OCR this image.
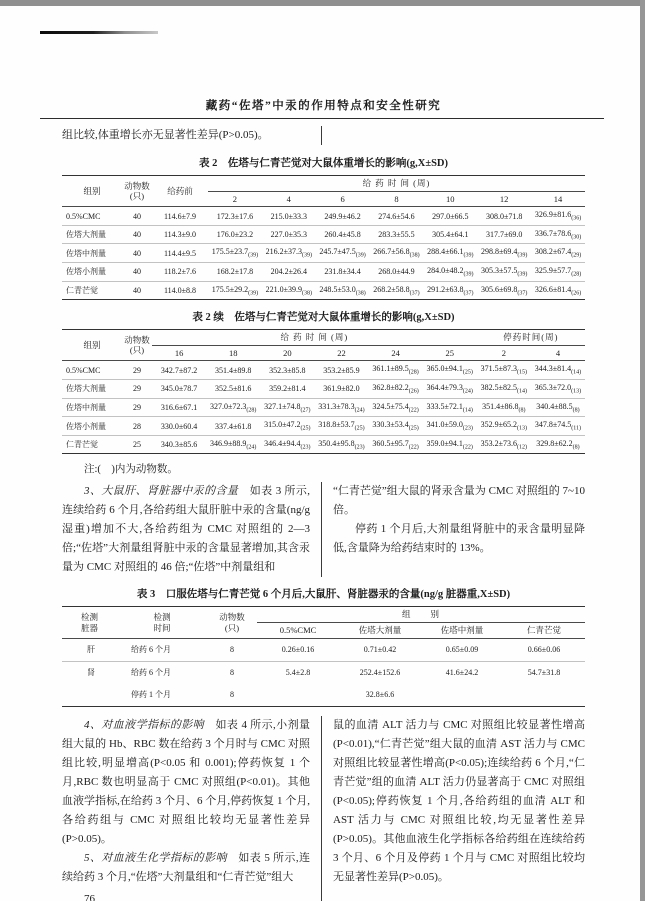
藏药“佐塔”中汞的作用特点和安全性研究

组比较,体重增长亦无显著性差异(P>0.05)。

表 2　佐塔与仁青芒觉对大鼠体重增长的影响(g,X±SD)
组别	动物数
(只)	给药前	给 药 时 间 (周)						
			2	4	6	8	10	12	14
0.5%CMC	40	114.6±7.9	172.3±17.6	215.0±33.3	249.9±46.2	274.6±54.6	297.0±66.5	308.0±71.8	$326.9\pm 81.6_{(36)}$
佐塔大剂量	40	114.3±9.0	176.0±23.2	227.0±35.3	260.4±45.8	283.3±55.5	305.4±64.1	317.7±69.0	$336.7\pm 78.6_{(30)}$
佐塔中剂量	40	114.4±9.5	$175.5\pm 23.7_{(39)}$	$216.2\pm 37.3_{(39)}$	$245.7\pm 47.5_{(39)}$	$266.7\pm 56.8_{(38)}$	$288.4\pm 66.1_{(39)}$	$298.8\pm 69.4_{(39)}$	$308.2\pm 67.4_{(29)}$
佐塔小剂量	40	118.2±7.6	168.2±17.8	204.2±26.4	231.8±34.4	268.0±44.9	$284.0\pm 48.2_{(39)}$	$305.3\pm 57.5_{(39)}$	$325.9\pm 57.7_{(28)}$
仁青芒觉	40	114.0±8.8	$175.5\pm 29.2_{(39)}$	$221.0\pm 39.9_{(38)}$	$248.5\pm 53.0_{(38)}$	$268.2\pm 58.8_{(37)}$	$291.2\pm 63.8_{(37)}$	$305.6\pm 69.8_{(37)}$	$326.6\pm 81.4_{(26)}$
表 2 续　佐塔与仁青芒觉对大鼠体重增长的影响(g,X±SD)
组别	动物数
(只)	给 药 时 间 (周)						停药时间(周)	
		16	18	20	22	24	25	2	4
0.5%CMC	29	342.7±87.2	351.4±89.8	352.3±85.8	353.2±85.9	$361.1\pm 89.5_{(28)}$	$365.0\pm 94.1_{(25)}$	$371.5\pm 87.3_{(15)}$	$344.3\pm 81.4_{(14)}$
佐塔大剂量	29	345.0±78.7	352.5±81.6	359.2±81.4	361.9±82.0	$362.8\pm 82.2_{(26)}$	$364.4\pm 79.3_{(24)}$	$382.5\pm 82.5_{(14)}$	$365.3\pm 72.0_{(13)}$
佐塔中剂量	29	316.6±67.1	$327.0\pm 72.3_{(28)}$	$327.1\pm 74.8_{(27)}$	$331.3\pm 78.3_{(24)}$	$324.5\pm 75.4_{(22)}$	$333.5\pm 72.1_{(14)}$	$351.4\pm 86.8_{(8)}$	$340.4\pm 88.5_{(8)}$
佐塔小剂量	28	330.0±60.4	337.4±61.8	$315.0\pm 47.2_{(25)}$	$318.8\pm 53.7_{(25)}$	$330.3\pm 53.4_{(25)}$	$341.0\pm 59.0_{(23)}$	$352.9\pm 65.2_{(13)}$	$347.8\pm 74.5_{(11)}$
仁青芒觉	25	340.3±85.6	$346.9\pm 88.9_{(24)}$	$346.4\pm 94.4_{(23)}$	$350.4\pm 95.8_{(23)}$	$360.5\pm 95.7_{(22)}$	$359.0\pm 94.1_{(22)}$	$353.2\pm 73.6_{(12)}$	$329.8\pm 62.2_{(8)}$

注:(　)内为动物数。

3、大鼠肝、肾脏器中汞的含量　如表 3 所示,连续给药 6 个月,各给药组大鼠肝脏中汞的含量(ng/g 湿重)增加不大,各给药组为 CMC 对照组的 2—3 倍;“佐塔”大剂量组肾脏中汞的含量显著增加,其含汞量为 CMC 对照组的 46 倍;“佐塔”中剂量组和

“仁青芒觉”组大鼠的肾汞含量为 CMC 对照组的 7~10 倍。

停药 1 个月后,大剂量组肾脏中的汞含量明显降低,含量降为给药结束时的 13%。

表 3　口服佐塔与仁青芒觉 6 个月后,大鼠肝、肾脏器汞的含量(ng/g 脏器重,X±SD)
检测
脏器

检测
时间

动物数
(只)
	组　　别
			0.5%CMC	佐塔大剂量	佐塔中剂量	仁青芒觉
肝	给药 6 个月	8	0.26±0.16	0.71±0.42	0.65±0.09	0.66±0.06
肾	给药 6 个月	8	5.4±2.8	252.4±152.6	41.6±24.2	54.7±31.8
	停药 1 个月	8		32.8±6.6		

4、对血液学指标的影响　如表 4 所示,小剂量组大鼠的 Hb、RBC 数在给药 3 个月时与 CMC 对照组比较,明显增高(P<0.05 和 0.001);停药恢复 1 个月,RBC 数也明显高于 CMC 对照组(P<0.01)。其他血液学指标,在给药 3 个月、6 个月,停药恢复 1 个月,各给药组与 CMC 对照组比较均无显著性差异(P>0.05)。

5、对血液生化学指标的影响　如表 5 所示,连续给药 3 个月,“佐塔”大剂量组和“仁青芒觉”组大

76

鼠的血清 ALT 活力与 CMC 对照组比较显著性增高(P<0.01),“仁青芒觉”组大鼠的血清 AST 活力与 CMC 对照组比较显著性增高(P<0.05);连续给药 6 个月,“仁青芒觉”组的血清 ALT 活力仍显著高于 CMC 对照组(P<0.05);停药恢复 1 个月,各给药组的血清 ALT 和 AST 活力与 CMC 对照组比较,均无显著性差异(P>0.05)。其他血液生化学指标各给药组在连续给药 3 个月、6 个月及停药 1 个月与 CMC 对照组比较均无显著性差异(P>0.05)。
